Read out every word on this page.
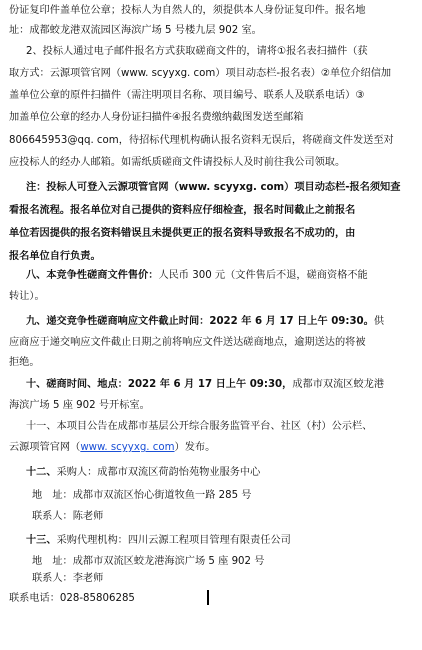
份证复印件盖单位公章；投标人为自然人的，须提供本人身份证复印件。报名地
址：成都蛟龙港双流园区海滨广场 5 号楼九层 902 室。
2、投标人通过电子邮件报名方式获取磋商文件的，请将①报名表扫描件（获
取方式：云源项管官网（www. scyyxg. com）项目动态栏-报名表）②单位介绍信加
盖单位公章的原件扫描件（需注明项目名称、项目编号、联系人及联系电话）③
加盖单位公章的经办人身份证扫描件④报名费缴纳截图发送至邮箱
806645953@qq. com，待招标代理机构确认报名资料无误后，将磋商文件发送至对
应投标人的经办人邮箱。如需纸质磋商文件请投标人及时前往我公司领取。
注：投标人可登入云源项管官网（www. scyyxg. com）项目动态栏-报名须知查
看报名流程。报名单位对自己提供的资料应仔细检查，报名时间截止之前报名
单位若因提供的报名资料错误且未提供更正的报名资料导致报名不成功的，由
报名单位自行负责。
八、本竞争性磋商文件售价：人民币 300 元（文件售后不退，磋商资格不能
转让）。
九、递交竞争性磋商响应文件截止时间：2022 年 6 月 17 日上午 09:30。供
应商应于递交响应文件截止日期之前将响应文件送达磋商地点，逾期送达的将被
拒绝。
十、磋商时间、地点：2022 年 6 月 17 日上午 09:30，成都市双流区蛟龙港
海滨广场 5 座 902 号开标室。
十一、本项目公告在成都市基层公开综合服务监管平台、社区（村）公示栏、
云源项管官网（www. scyyxg. com）发布。
十二、采购人：成都市双流区荷韵怡苑物业服务中心
地　址：成都市双流区怡心街道牧鱼一路 285 号
联系人：陈老师
十三、采购代理机构：四川云源工程项目管理有限责任公司
地　址：成都市双流区蛟龙港海滨广场 5 座 902 号
联系人：李老师
联系电话：028-85806285
